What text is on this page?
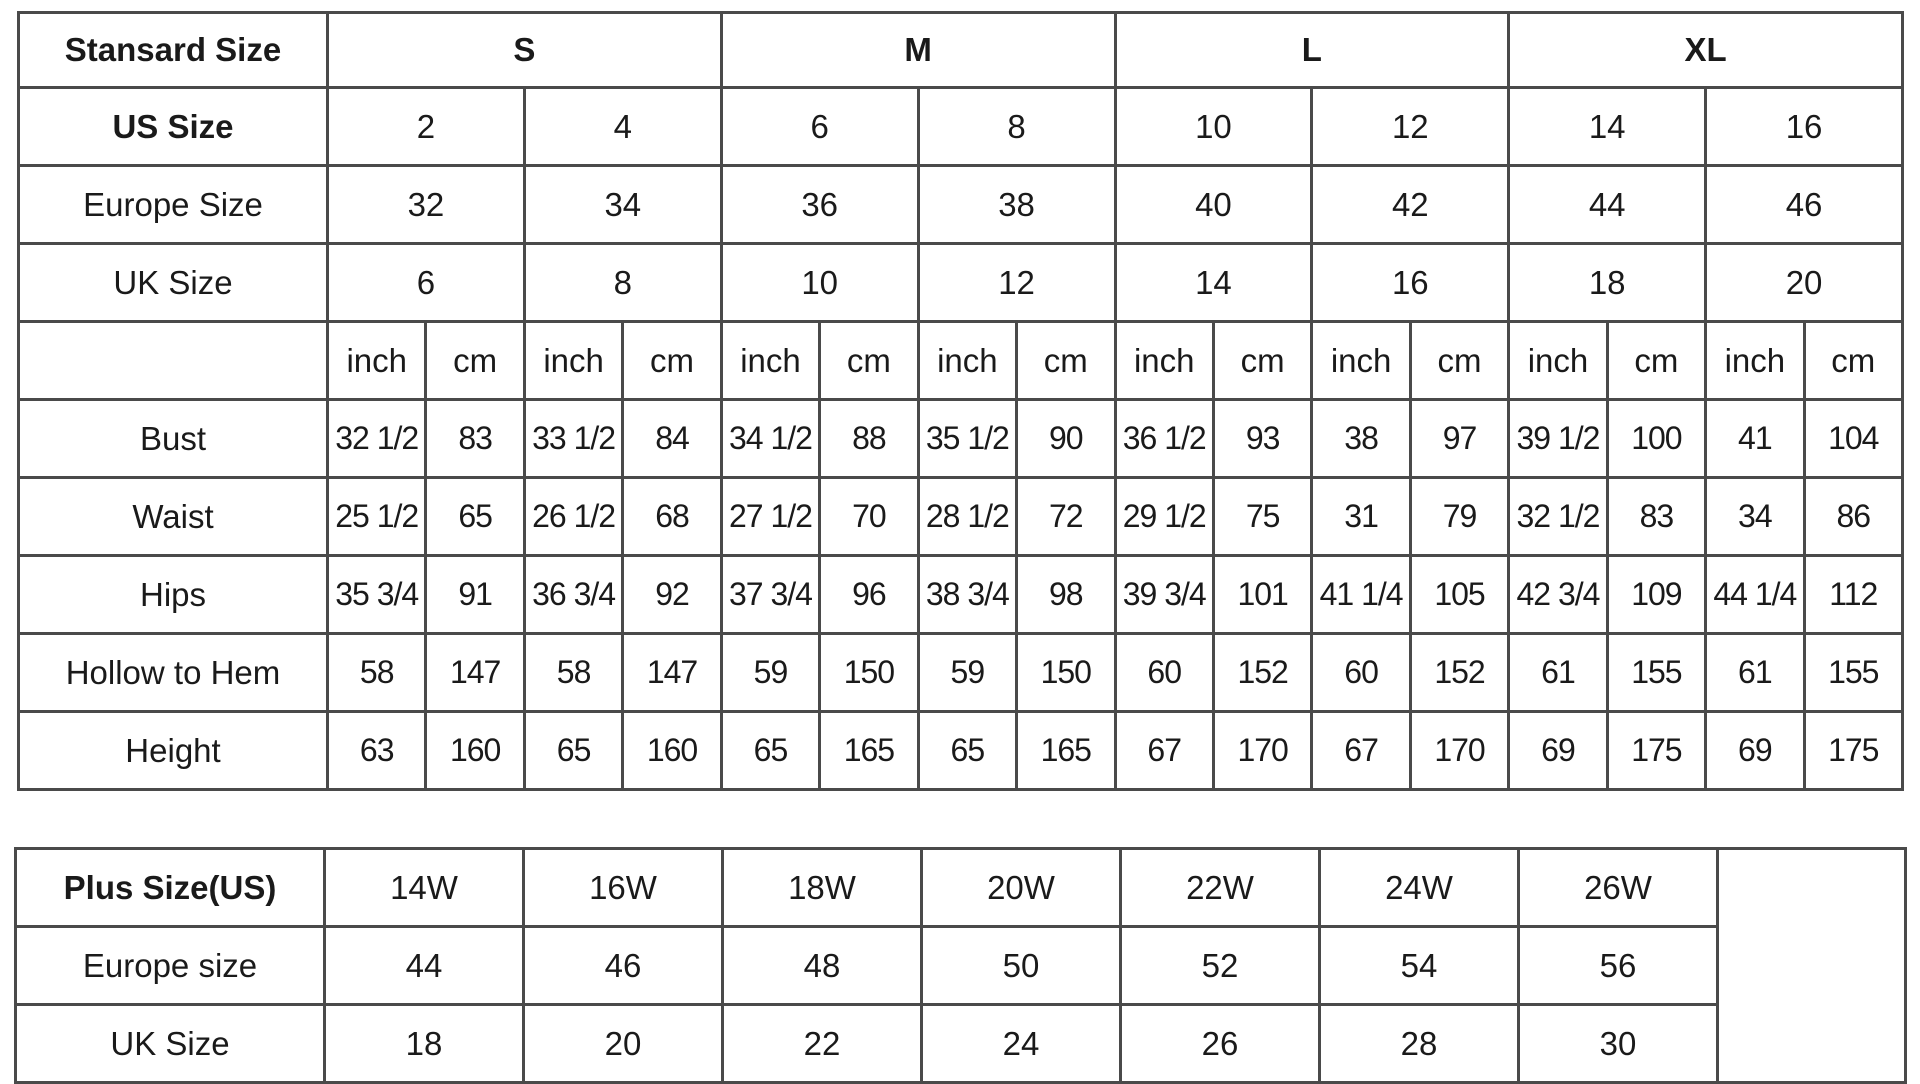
Stansard Size	S				M				L				XL			
US Size	2		4		6		8		10		12		14		16	
Europe Size	32		34		36		38		40		42		44		46	
UK Size	6		8		10		12		14		16		18		20	
	inch	cm	inch	cm	inch	cm	inch	cm	inch	cm	inch	cm	inch	cm	inch	cm
Bust	32 1/2	83	33 1/2	84	34 1/2	88	35 1/2	90	36 1/2	93	38	97	39 1/2	100	41	104
Waist	25 1/2	65	26 1/2	68	27 1/2	70	28 1/2	72	29 1/2	75	31	79	32 1/2	83	34	86
Hips	35 3/4	91	36 3/4	92	37 3/4	96	38 3/4	98	39 3/4	101	41 1/4	105	42 3/4	109	44 1/4	112
Hollow to Hem	58	147	58	147	59	150	59	150	60	152	60	152	61	155	61	155
Height	63	160	65	160	65	165	65	165	67	170	67	170	69	175	69	175
Plus Size(US)	14W	16W	18W	20W	22W	24W	26W	
Europe size	44	46	48	50	52	54	56	
UK Size	18	20	22	24	26	28	30	
